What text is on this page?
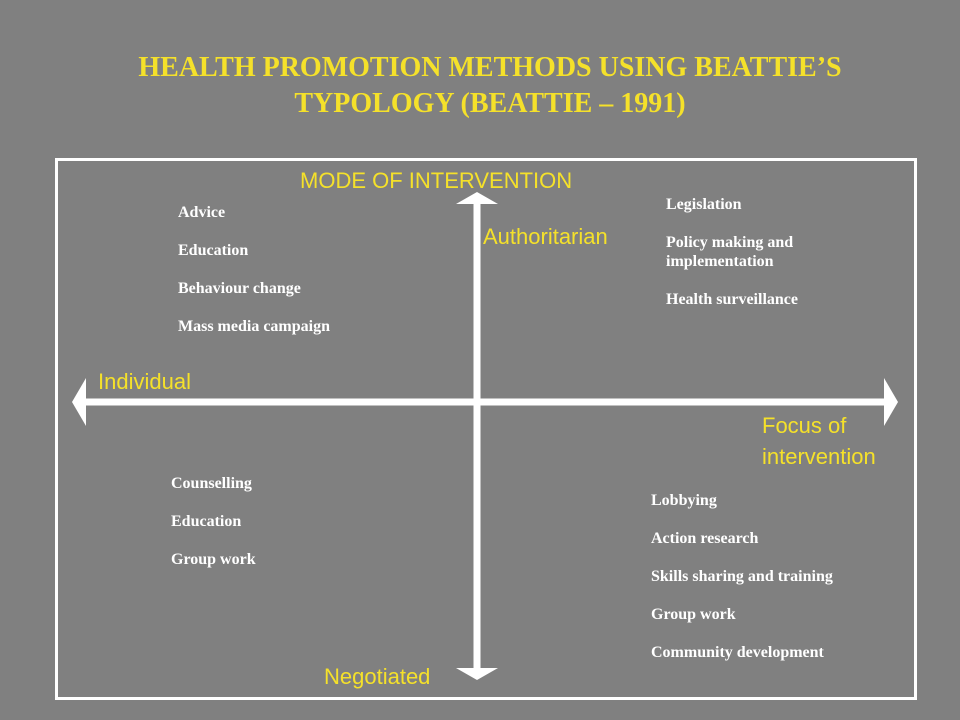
HEALTH PROMOTION METHODS USING BEATTIE’S TYPOLOGY (BEATTIE – 1991)
MODE OF INTERVENTION
Authoritarian
Negotiated
Individual
Focus of intervention
Advice
Education
Behaviour change
Mass media campaign
Legislation
Policy making and implementation
Health surveillance
Counselling
Education
Group work
Lobbying
Action research
Skills sharing and training
Group work
Community development
